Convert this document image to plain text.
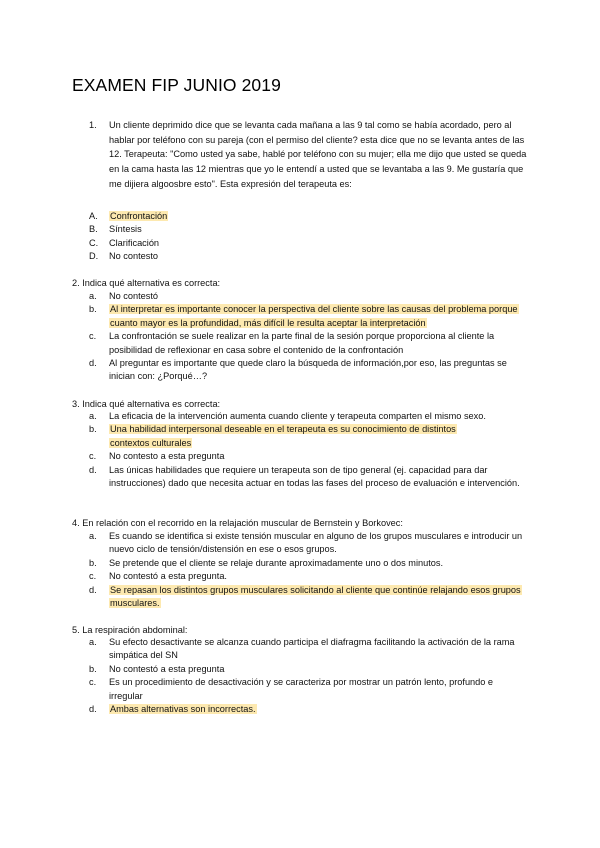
EXAMEN FIP JUNIO 2019
1. Un cliente deprimido dice que se levanta cada mañana a las 9 tal como se había acordado, pero al hablar por teléfono con su pareja (con el permiso del cliente? esta dice que no se levanta antes de las 12. Terapeuta: "Como usted ya sabe, hablé por teléfono con su mujer; ella me dijo que usted se queda en la cama hasta las 12 mientras que yo le entendí a usted que se levantaba a las 9. Me gustaría que me dijiera algoosbre esto". Esta expresión del terapeuta es:
A. Confrontación
B. Síntesis
C. Clarificación
D. No contesto
2. Indica qué alternativa es correcta:
a. No contestó
b. Al interpretar es importante conocer la perspectiva del cliente sobre las causas del problema porque cuanto mayor es la profundidad, más difícil le resulta aceptar la interpretación
c. La confrontación se suele realizar en la parte final de la sesión porque proporciona al cliente la posibilidad de reflexionar en casa sobre el contenido de la confrontación
d. Al preguntar es importante que quede claro la búsqueda de información,por eso, las preguntas se inician con: ¿Porqué…?
3. Indica qué alternativa es correcta:
a. La eficacia de la intervención aumenta cuando cliente y terapeuta comparten el mismo sexo.
b. Una habilidad interpersonal deseable en el terapeuta es su conocimiento de distintos contextos culturales
c. No contesto a esta pregunta
d. Las únicas habilidades que requiere un terapeuta son de tipo general (ej. capacidad para dar instrucciones) dado que necesita actuar en todas las fases del proceso de evaluación e intervención.
4. En relación con el recorrido en la relajación muscular de Bernstein y Borkovec:
a. Es cuando se identifica si existe tensión muscular en alguno de los grupos musculares e introducir un nuevo ciclo de tensión/distensión en ese o esos grupos.
b. Se pretende que el cliente se relaje durante aproximadamente uno o dos minutos.
c. No contestó a esta pregunta.
d. Se repasan los distintos grupos musculares solicitando al cliente que continúe relajando esos grupos musculares.
5. La respiración abdominal:
a. Su efecto desactivante se alcanza cuando participa el diafragma facilitando la activación de la rama simpática del SN
b. No contestó a esta pregunta
c. Es un procedimiento de desactivación y se caracteriza por mostrar un patrón lento, profundo e irregular
d. Ambas alternativas son incorrectas.
